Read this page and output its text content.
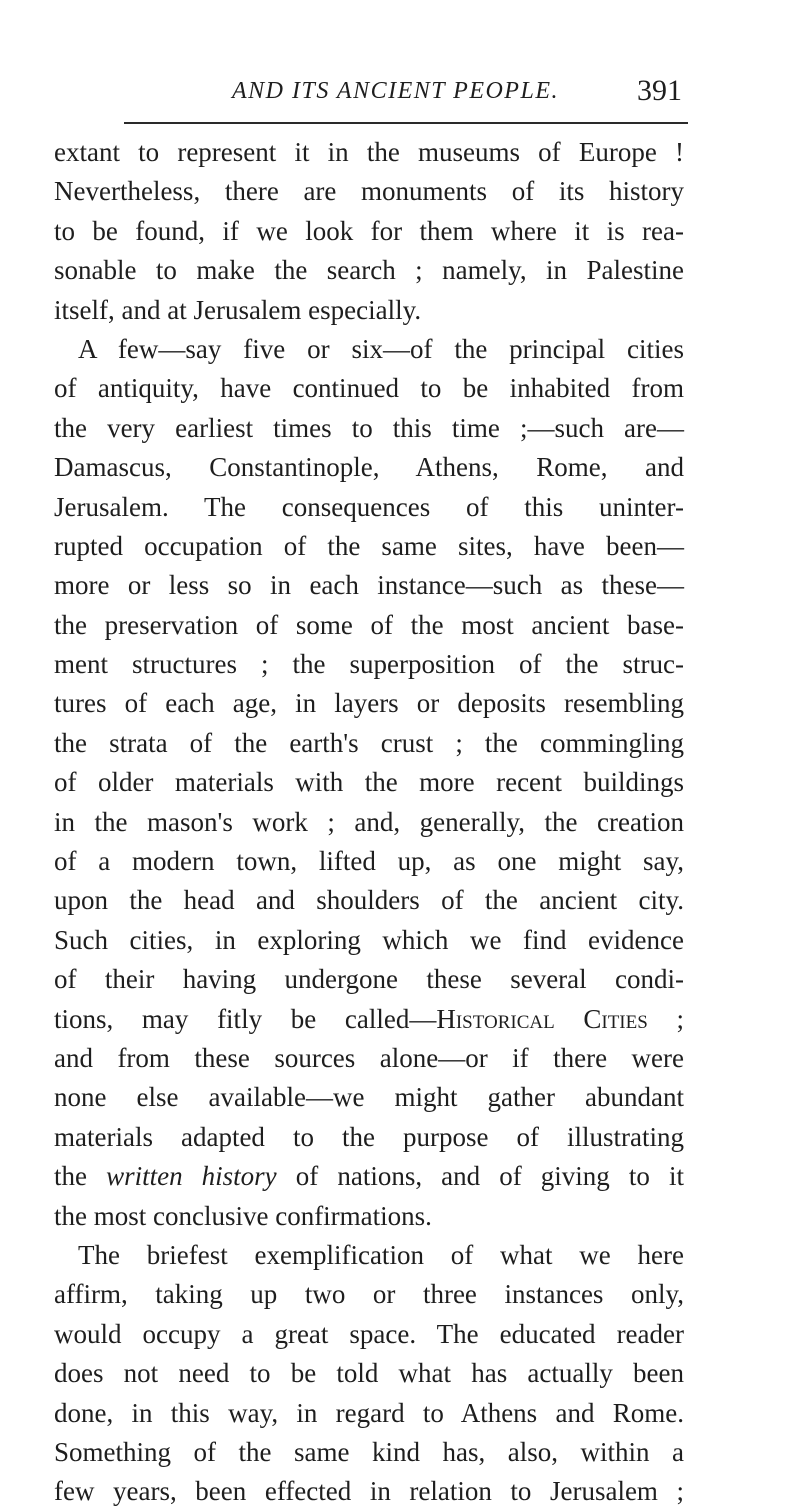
AND ITS ANCIENT PEOPLE.	391
extant to represent it in the museums of Europe !
Nevertheless, there are monuments of its history
to be found, if we look for them where it is rea-
sonable to make the search ; namely, in Palestine
itself, and at Jerusalem especially.
A few—say five or six—of the principal cities
of antiquity, have continued to be inhabited from
the very earliest times to this time ;—such are—
Damascus, Constantinople, Athens, Rome, and
Jerusalem. The consequences of this uninter-
rupted occupation of the same sites, have been—
more or less so in each instance—such as these—
the preservation of some of the most ancient base-
ment structures ; the superposition of the struc-
tures of each age, in layers or deposits resembling
the strata of the earth's crust ; the commingling
of older materials with the more recent buildings
in the mason's work ; and, generally, the creation
of a modern town, lifted up, as one might say,
upon the head and shoulders of the ancient city.
Such cities, in exploring which we find evidence
of their having undergone these several condi-
tions, may fitly be called—Historical Cities ;
and from these sources alone—or if there were
none else available—we might gather abundant
materials adapted to the purpose of illustrating
the written history of nations, and of giving to it
the most conclusive confirmations.
The briefest exemplification of what we here
affirm, taking up two or three instances only,
would occupy a great space. The educated reader
does not need to be told what has actually been
done, in this way, in regard to Athens and Rome.
Something of the same kind has, also, within a
few years, been effected in relation to Jerusalem ;
